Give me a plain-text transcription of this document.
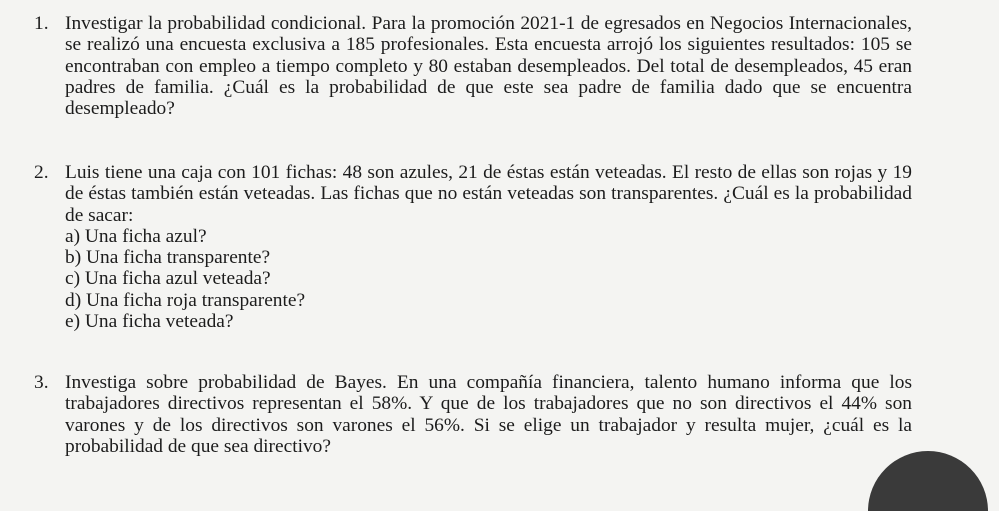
1. Investigar la probabilidad condicional. Para la promoción 2021-1 de egresados en Negocios Internacionales, se realizó una encuesta exclusiva a 185 profesionales. Esta encuesta arrojó los siguientes resultados: 105 se encontraban con empleo a tiempo completo y 80 estaban desempleados. Del total de desempleados, 45 eran padres de familia. ¿Cuál es la probabilidad de que este sea padre de familia dado que se encuentra desempleado?

2. Luis tiene una caja con 101 fichas: 48 son azules, 21 de éstas están veteadas. El resto de ellas son rojas y 19 de éstas también están veteadas. Las fichas que no están veteadas son transparentes. ¿Cuál es la probabilidad de sacar:

a) Una ficha azul?
b) Una ficha transparente?
c) Una ficha azul veteada?
d) Una ficha roja transparente?
e) Una ficha veteada?
3. Investiga sobre probabilidad de Bayes. En una compañía financiera, talento humano informa que los trabajadores directivos representan el 58%. Y que de los trabajadores que no son directivos el 44% son varones y de los directivos son varones el 56%. Si se elige un trabajador y resulta mujer, ¿cuál es la probabilidad de que sea directivo?
